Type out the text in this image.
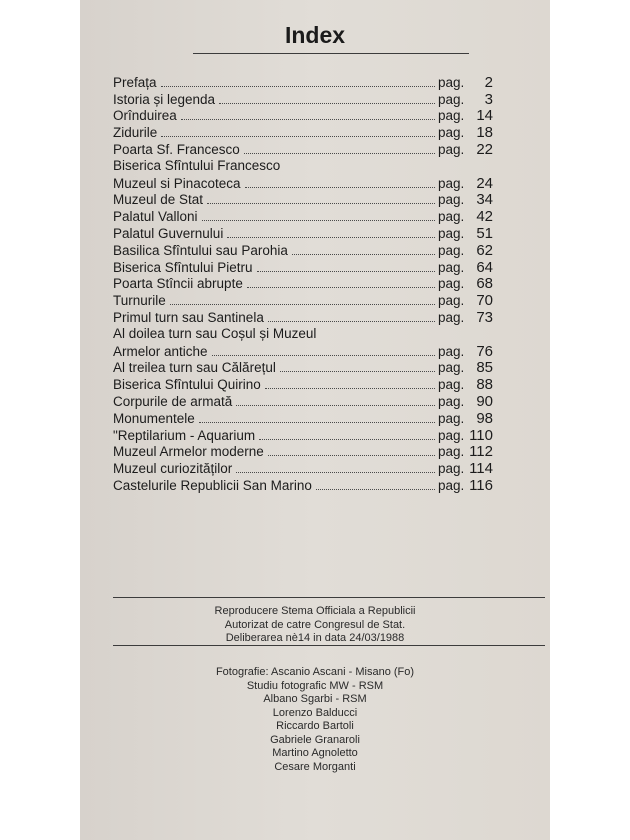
Index
Prefața	pag.	2
Istoria și legenda	pag.	3
Orînduirea	pag. 14
Zidurile	pag. 18
Poarta Sf. Francesco	pag. 22
Biserica Sfîntului Francesco
Muzeul si Pinacoteca	pag. 24
Muzeul de Stat	pag. 34
Palatul Valloni	pag. 42
Palatul Guvernului	pag. 51
Basilica Sfîntului sau Parohia	pag. 62
Biserica Sfîntului Pietru	pag. 64
Poarta Stîncii abrupte	pag. 68
Turnurile	pag. 70
Primul turn sau Santinela	pag. 73
Al doilea turn sau Coșul și Muzeul
Armelor antiche	pag. 76
Al treilea turn sau Călărețul	pag. 85
Biserica Sfîntului Quirino	pag. 88
Corpurile de armată	pag. 90
Monumentele	pag. 98
"Reptilarium - Aquarium	pag. 110
Muzeul Armelor moderne	pag. 112
Muzeul curiozităților	pag. 114
Castelurile Republicii San Marino	pag. 116
Reproducere Stema Officiala a Republicii
Autorizat de catre Congresul de Stat.
Deliberarea nè14 in data 24/03/1988
Fotografie: Ascanio Ascani - Misano (Fo)
Studiu fotografic MW - RSM
Albano Sgarbi - RSM
Lorenzo Balducci
Riccardo Bartoli
Gabriele Granaroli
Martino Agnoletto
Cesare Morganti
